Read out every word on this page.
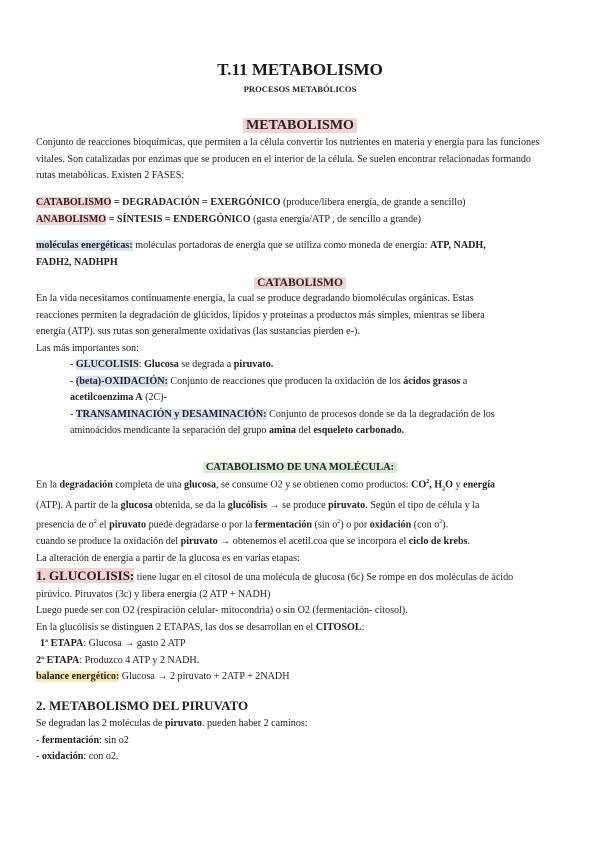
T.11 METABOLISMO
PROCESOS METABÓLICOS
METABOLISMO
Conjunto de reacciones bioquímicas, que permiten a la célula convertir los nutrientes en materia y energía para las funciones
vitales. Son catalizadas por enzimas que se producen en el interior de la célula. Se suelen encontrar relacionadas formando
rutas metabólicas. Existen 2 FASES:
CATABOLISMO = DEGRADACIÓN = EXERGÓNICO (produce/libera energía, de grande a sencillo)
ANABOLISMO = SÍNTESIS = ENDERGÓNICO (gasta energía/ATP , de sencillo a grande)
moléculas energéticas: moléculas portadoras de energía que se utiliza como moneda de energía: ATP, NADH,
FADH2, NADHPH
CATABOLISMO
En la vida necesitamos continuamente energía, la cual se produce degradando biomoléculas orgánicas. Estas
reacciones permiten la degradación de glúcidos, lípidos y proteínas a productos más simples, mientras se libera
energía (ATP). sus rutas son generalmente oxidativas (las sustancias pierden e-).
Las más importantes son:
- GLUCOLISIS: Glucosa se degrada a piruvato.
- (beta)-OXIDACIÓN: Conjunto de reacciones que producen la oxidación de los ácidos grasos a
acetilcoenzima A (2C)-
- TRANSAMINACIÓN y DESAMINACIÓN: Conjunto de procesos donde se da la degradación de los
aminoácidos mendicante la separación del grupo amina del esqueleto carbonado.
CATABOLISMO DE UNA MOLÉCULA:
En la degradación completa de una glucosa, se consume O2 y se obtienen como productos: $CO^2$, $H_2O$ y energía
(ATP). A partir de la glucosa obtenida, se da la glucólisis → se produce piruvato. Según el tipo de célula y la
presencia de $o^2$ el piruvato puede degradarse o por la fermentación (sin $o^2$) o por oxidación (con $o^2$).
cuando se produce la oxidación del piruvato → obtenemos el acetil.coa que se incorpora el ciclo de krebs.
La alteración de energía a partir de la glucosa es en varias etapas:
1. GLUCOLISIS: tiene lugar en el citosol de una molécula de glucosa (6c) Se rompe en dos moléculas de ácido
pirúvico. Piruvatos (3c) y libera energía (2 ATP + NADH)
Luego puede ser con O2 (respiración celular- mitocondria) o sin O2 (fermentación- citosol).
En la glucólisis se distinguen 2 ETAPAS, las dos se desarrollan en el CITOSOL:
1ª ETAPA: Glucosa → gasto 2 ATP
2ª ETAPA: Produzco 4 ATP y 2 NADH.
balance energético: Glucosa → 2 piruvato + 2ATP + 2NADH
2. METABOLISMO DEL PIRUVATO
Se degradan las 2 moléculas de piruvato. pueden haber 2 caminos:
- fermentación: sin o2
- oxidación: con o2.
